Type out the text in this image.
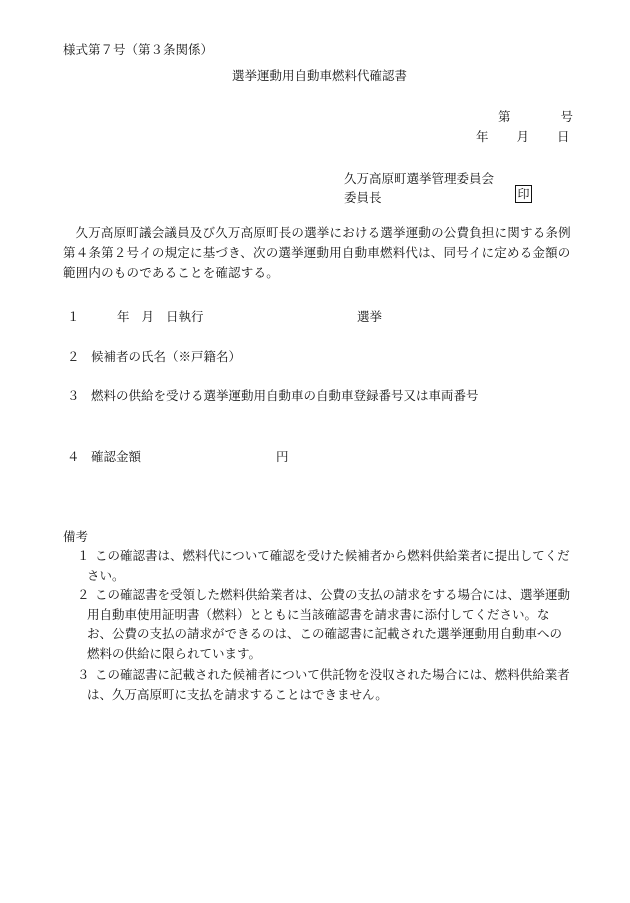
様式第７号（第３条関係）
選挙運動用自動車燃料代確認書
第	号
年 月 日
久万高原町選挙管理委員会
委員長	印
久万高原町議会議員及び久万高原町長の選挙における選挙運動の公費負担に関する条例第４条第２号イの規定に基づき、次の選挙運動用自動車燃料代は、同号イに定める金額の範囲内のものであることを確認する。
１	年 月 日執行	選挙
２ 候補者の氏名（※戸籍名）
３ 燃料の供給を受ける選挙運動用自動車の自動車登録番号又は車両番号
４ 確認金額	円
備考
１ この確認書は、燃料代について確認を受けた候補者から燃料供給業者に提出してください。
２ この確認書を受領した燃料供給業者は、公費の支払の請求をする場合には、選挙運動用自動車使用証明書（燃料）とともに当該確認書を請求書に添付してください。なお、公費の支払の請求ができるのは、この確認書に記載された選挙運動用自動車への燃料の供給に限られています。
３ この確認書に記載された候補者について供託物を没収された場合には、燃料供給業者は、久万高原町に支払を請求することはできません。
